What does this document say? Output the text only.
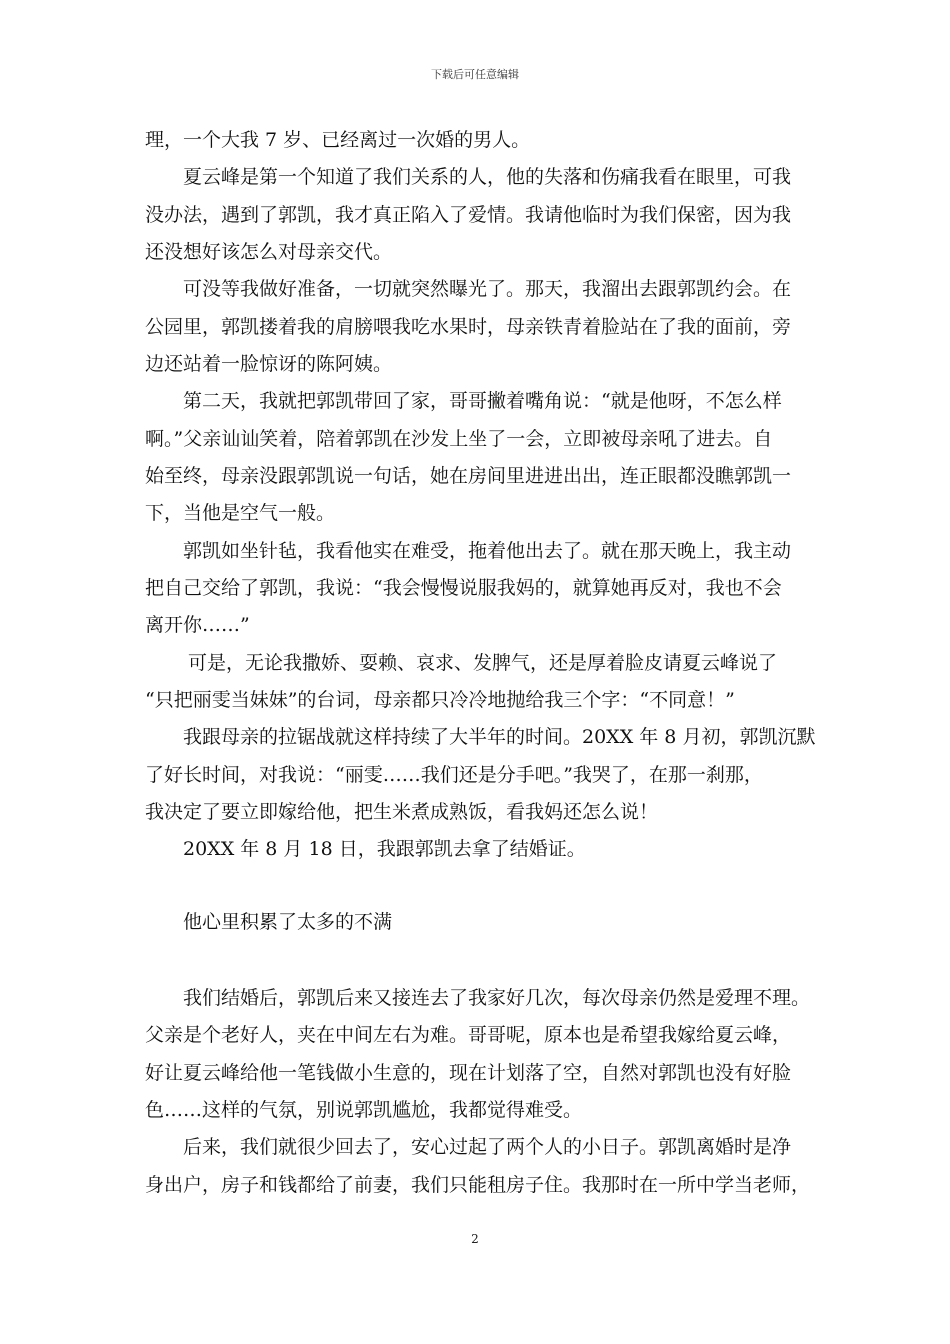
下载后可任意编辑
理，一个大我 7 岁、已经离过一次婚的男人。
夏云峰是第一个知道了我们关系的人，他的失落和伤痛我看在眼里，可我
没办法，遇到了郭凯，我才真正陷入了爱情。我请他临时为我们保密，因为我
还没想好该怎么对母亲交代。
可没等我做好准备，一切就突然曝光了。那天，我溜出去跟郭凯约会。在
公园里，郭凯搂着我的肩膀喂我吃水果时，母亲铁青着脸站在了我的面前，旁
边还站着一脸惊讶的陈阿姨。
第二天，我就把郭凯带回了家，哥哥撇着嘴角说：“就是他呀，不怎么样
啊。”父亲讪讪笑着，陪着郭凯在沙发上坐了一会，立即被母亲吼了进去。自
始至终，母亲没跟郭凯说一句话，她在房间里进进出出，连正眼都没瞧郭凯一
下，当他是空气一般。
郭凯如坐针毡，我看他实在难受，拖着他出去了。就在那天晚上，我主动
把自己交给了郭凯，我说：“我会慢慢说服我妈的，就算她再反对，我也不会
离开你……”
可是，无论我撒娇、耍赖、哀求、发脾气，还是厚着脸皮请夏云峰说了
“只把丽雯当妹妹”的台词，母亲都只冷冷地抛给我三个字：“不同意！”
我跟母亲的拉锯战就这样持续了大半年的时间。20XX 年 8 月初，郭凯沉默
了好长时间，对我说：“丽雯……我们还是分手吧。”我哭了，在那一刹那，
我决定了要立即嫁给他，把生米煮成熟饭，看我妈还怎么说！
20XX 年 8 月 18 日，我跟郭凯去拿了结婚证。
他心里积累了太多的不满
我们结婚后，郭凯后来又接连去了我家好几次，每次母亲仍然是爱理不理。
父亲是个老好人，夹在中间左右为难。哥哥呢，原本也是希望我嫁给夏云峰，
好让夏云峰给他一笔钱做小生意的，现在计划落了空，自然对郭凯也没有好脸
色……这样的气氛，别说郭凯尴尬，我都觉得难受。
后来，我们就很少回去了，安心过起了两个人的小日子。郭凯离婚时是净
身出户，房子和钱都给了前妻，我们只能租房子住。我那时在一所中学当老师，
2
